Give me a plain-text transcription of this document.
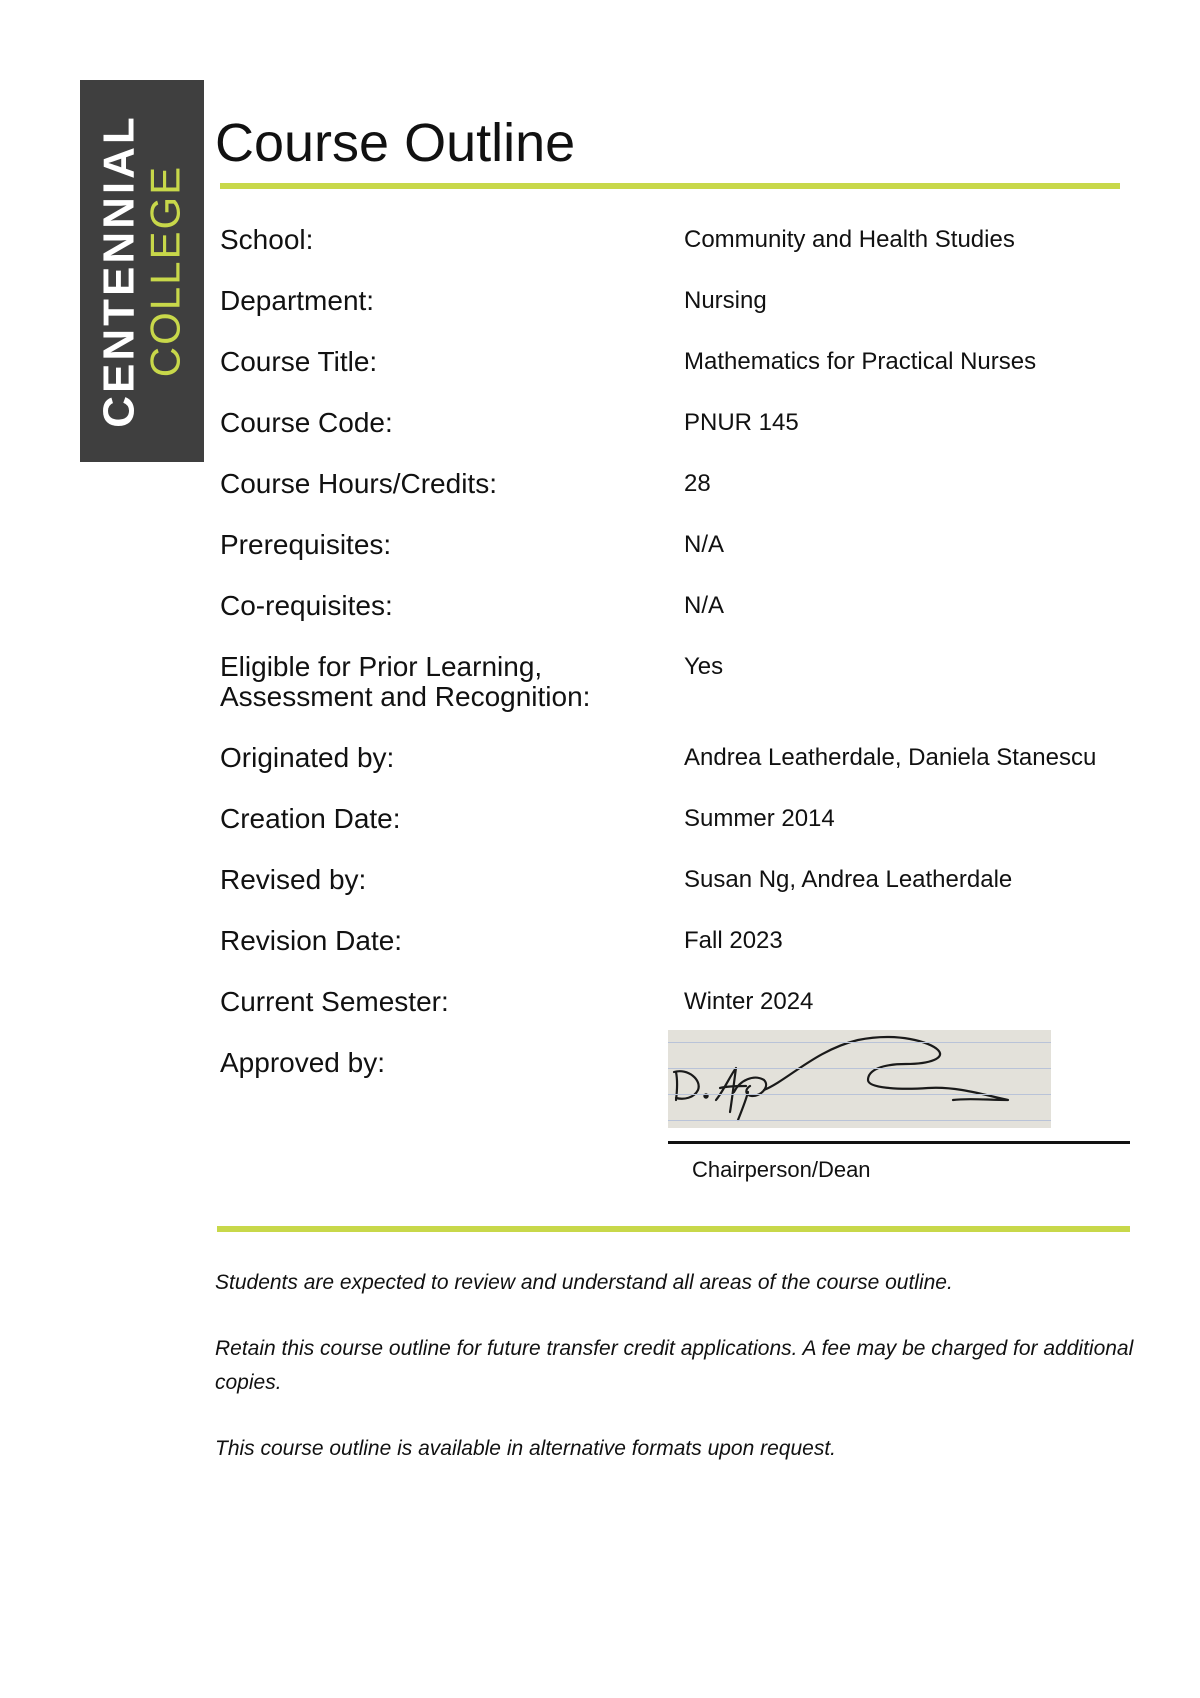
CENTENNIAL
COLLEGE
Course Outline
School:	Community and Health Studies
Department:	Nursing
Course Title:	Mathematics for Practical Nurses
Course Code:	PNUR 145
Course Hours/Credits:	28
Prerequisites:	N/A
Co-requisites:	N/A
Eligible for Prior Learning,
Assessment and Recognition:
Yes
Originated by:	Andrea Leatherdale, Daniela Stanescu
Creation Date:	Summer 2014
Revised by:	Susan Ng, Andrea Leatherdale
Revision Date:	Fall 2023
Current Semester:	Winter 2024
Approved by:
Chairperson/Dean

Students are expected to review and understand all areas of the course outline.

Retain this course outline for future transfer credit applications. A fee may be charged for additional copies.

This course outline is available in alternative formats upon request.
